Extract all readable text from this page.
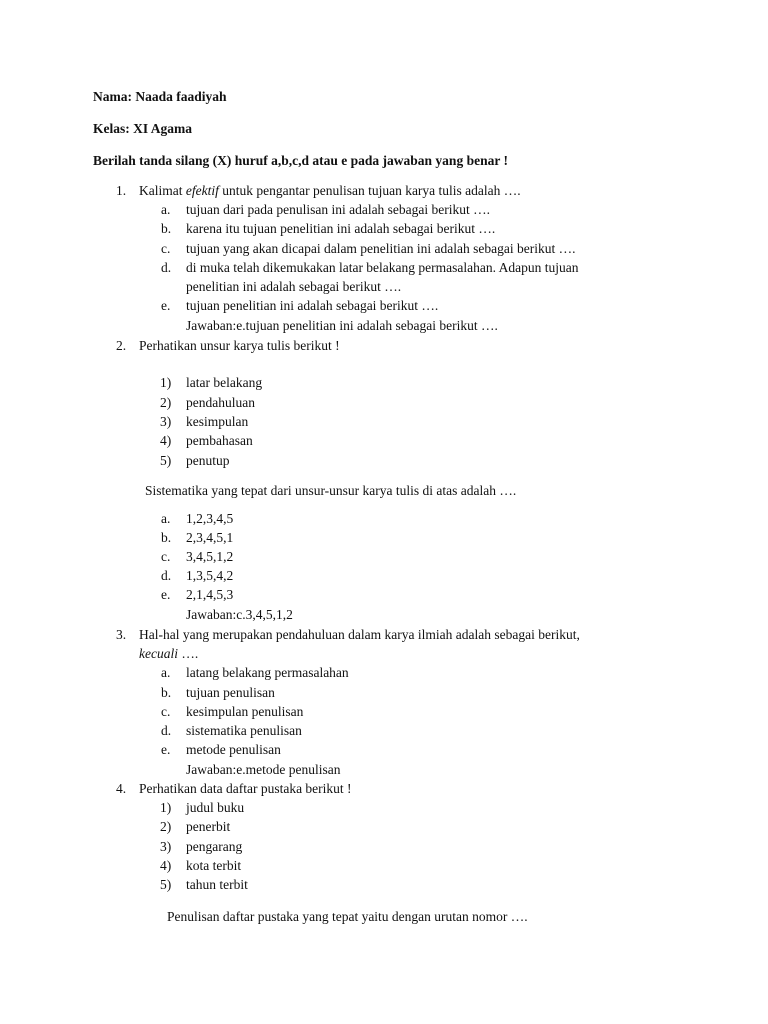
Nama: Naada faadiyah
Kelas: XI Agama
Berilah tanda silang (X) huruf a,b,c,d atau e pada jawaban yang benar !
1. Kalimat efektif untuk pengantar penulisan tujuan karya tulis adalah ….
a. tujuan dari pada penulisan ini adalah sebagai berikut ….
b. karena itu tujuan penelitian ini adalah sebagai berikut ….
c. tujuan yang akan dicapai dalam penelitian ini adalah sebagai berikut ….
d. di muka telah dikemukakan latar belakang permasalahan. Adapun tujuan
penelitian ini adalah sebagai berikut ….
e. tujuan penelitian ini adalah sebagai berikut ….
Jawaban:e.tujuan penelitian ini adalah sebagai berikut ….
2. Perhatikan unsur karya tulis berikut !
1) latar belakang
2) pendahuluan
3) kesimpulan
4) pembahasan
5) penutup
Sistematika yang tepat dari unsur-unsur karya tulis di atas adalah ….
a. 1,2,3,4,5
b. 2,3,4,5,1
c. 3,4,5,1,2
d. 1,3,5,4,2
e. 2,1,4,5,3
Jawaban:c.3,4,5,1,2
3. Hal-hal yang merupakan pendahuluan dalam karya ilmiah adalah sebagai berikut,
kecuali ….
a. latang belakang permasalahan
b. tujuan penulisan
c. kesimpulan penulisan
d. sistematika penulisan
e. metode penulisan
Jawaban:e.metode penulisan
4. Perhatikan data daftar pustaka berikut !
1) judul buku
2) penerbit
3) pengarang
4) kota terbit
5) tahun terbit
Penulisan daftar pustaka yang tepat yaitu dengan urutan nomor ….
